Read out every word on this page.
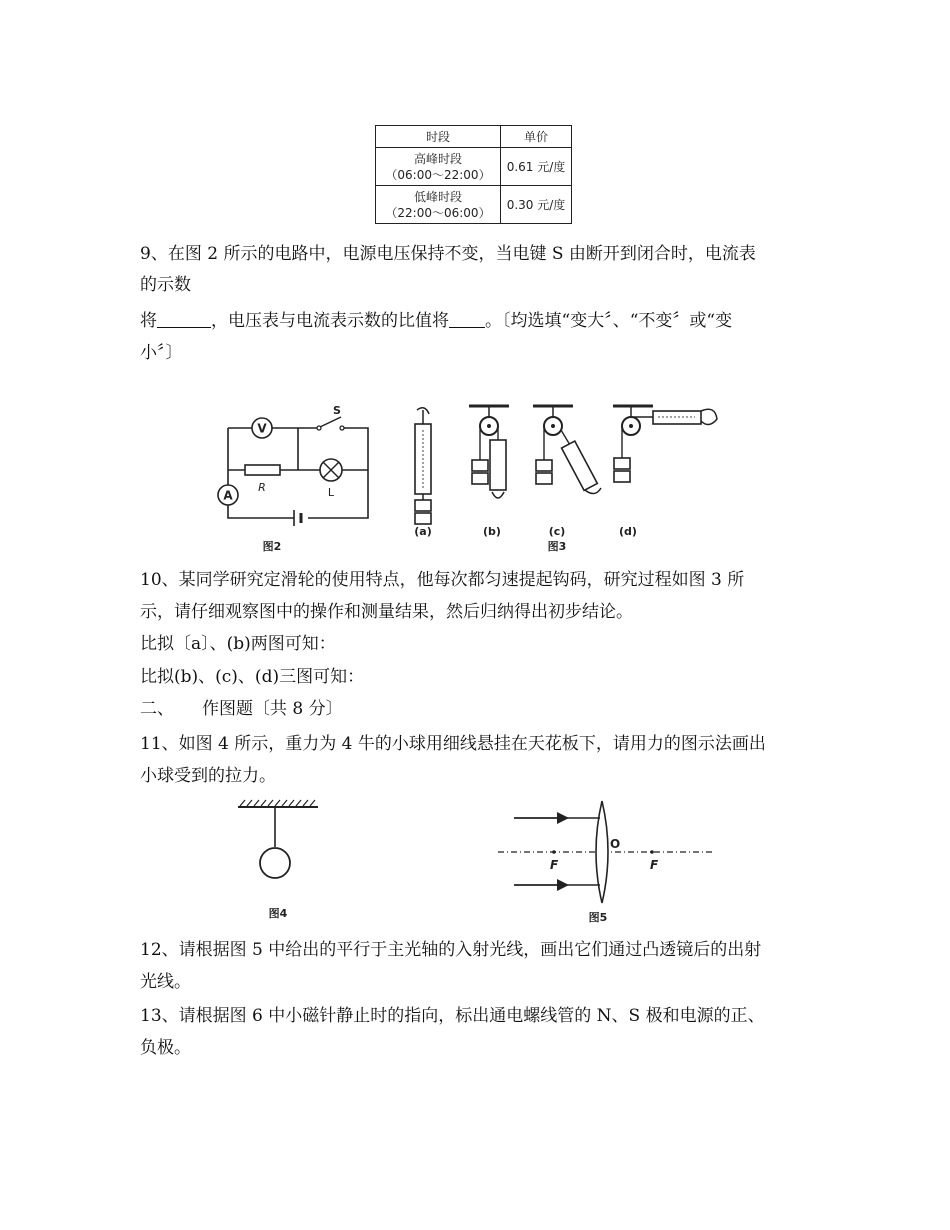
时段	单价

高峰时段
（06:00～22:00）	0.61 元/度

低峰时段
（22:00～06:00）	0.30 元/度
9、在图 2 所示的电路中，电源电压保持不变，当电键 S 由断开到闭合时，电流表
的示数
将	，电压表与电流表示数的比值将 。〔均选填“变大〞、“不变〞或“变
小〞〕
V
S
R	L
A
图2
(a)	(b)	(c)	(d)
图3
10、某同学研究定滑轮的使用特点，他每次都匀速提起钩码，研究过程如图 3 所
示，请仔细观察图中的操作和测量结果，然后归纳得出初步结论。
比拟〔a〕、(b)两图可知：
比拟(b)、(c)、(d)三图可知：
二、 作图题〔共 8 分〕
11、如图 4 所示，重力为 4 牛的小球用细线悬挂在天花板下，请用力的图示法画出
小球受到的拉力。
图4
F	F
O
图5
12、请根据图 5 中给出的平行于主光轴的入射光线，画出它们通过凸透镜后的出射
光线。
13、请根据图 6 中小磁针静止时的指向，标出通电螺线管的 N、S 极和电源的正、
负极。
